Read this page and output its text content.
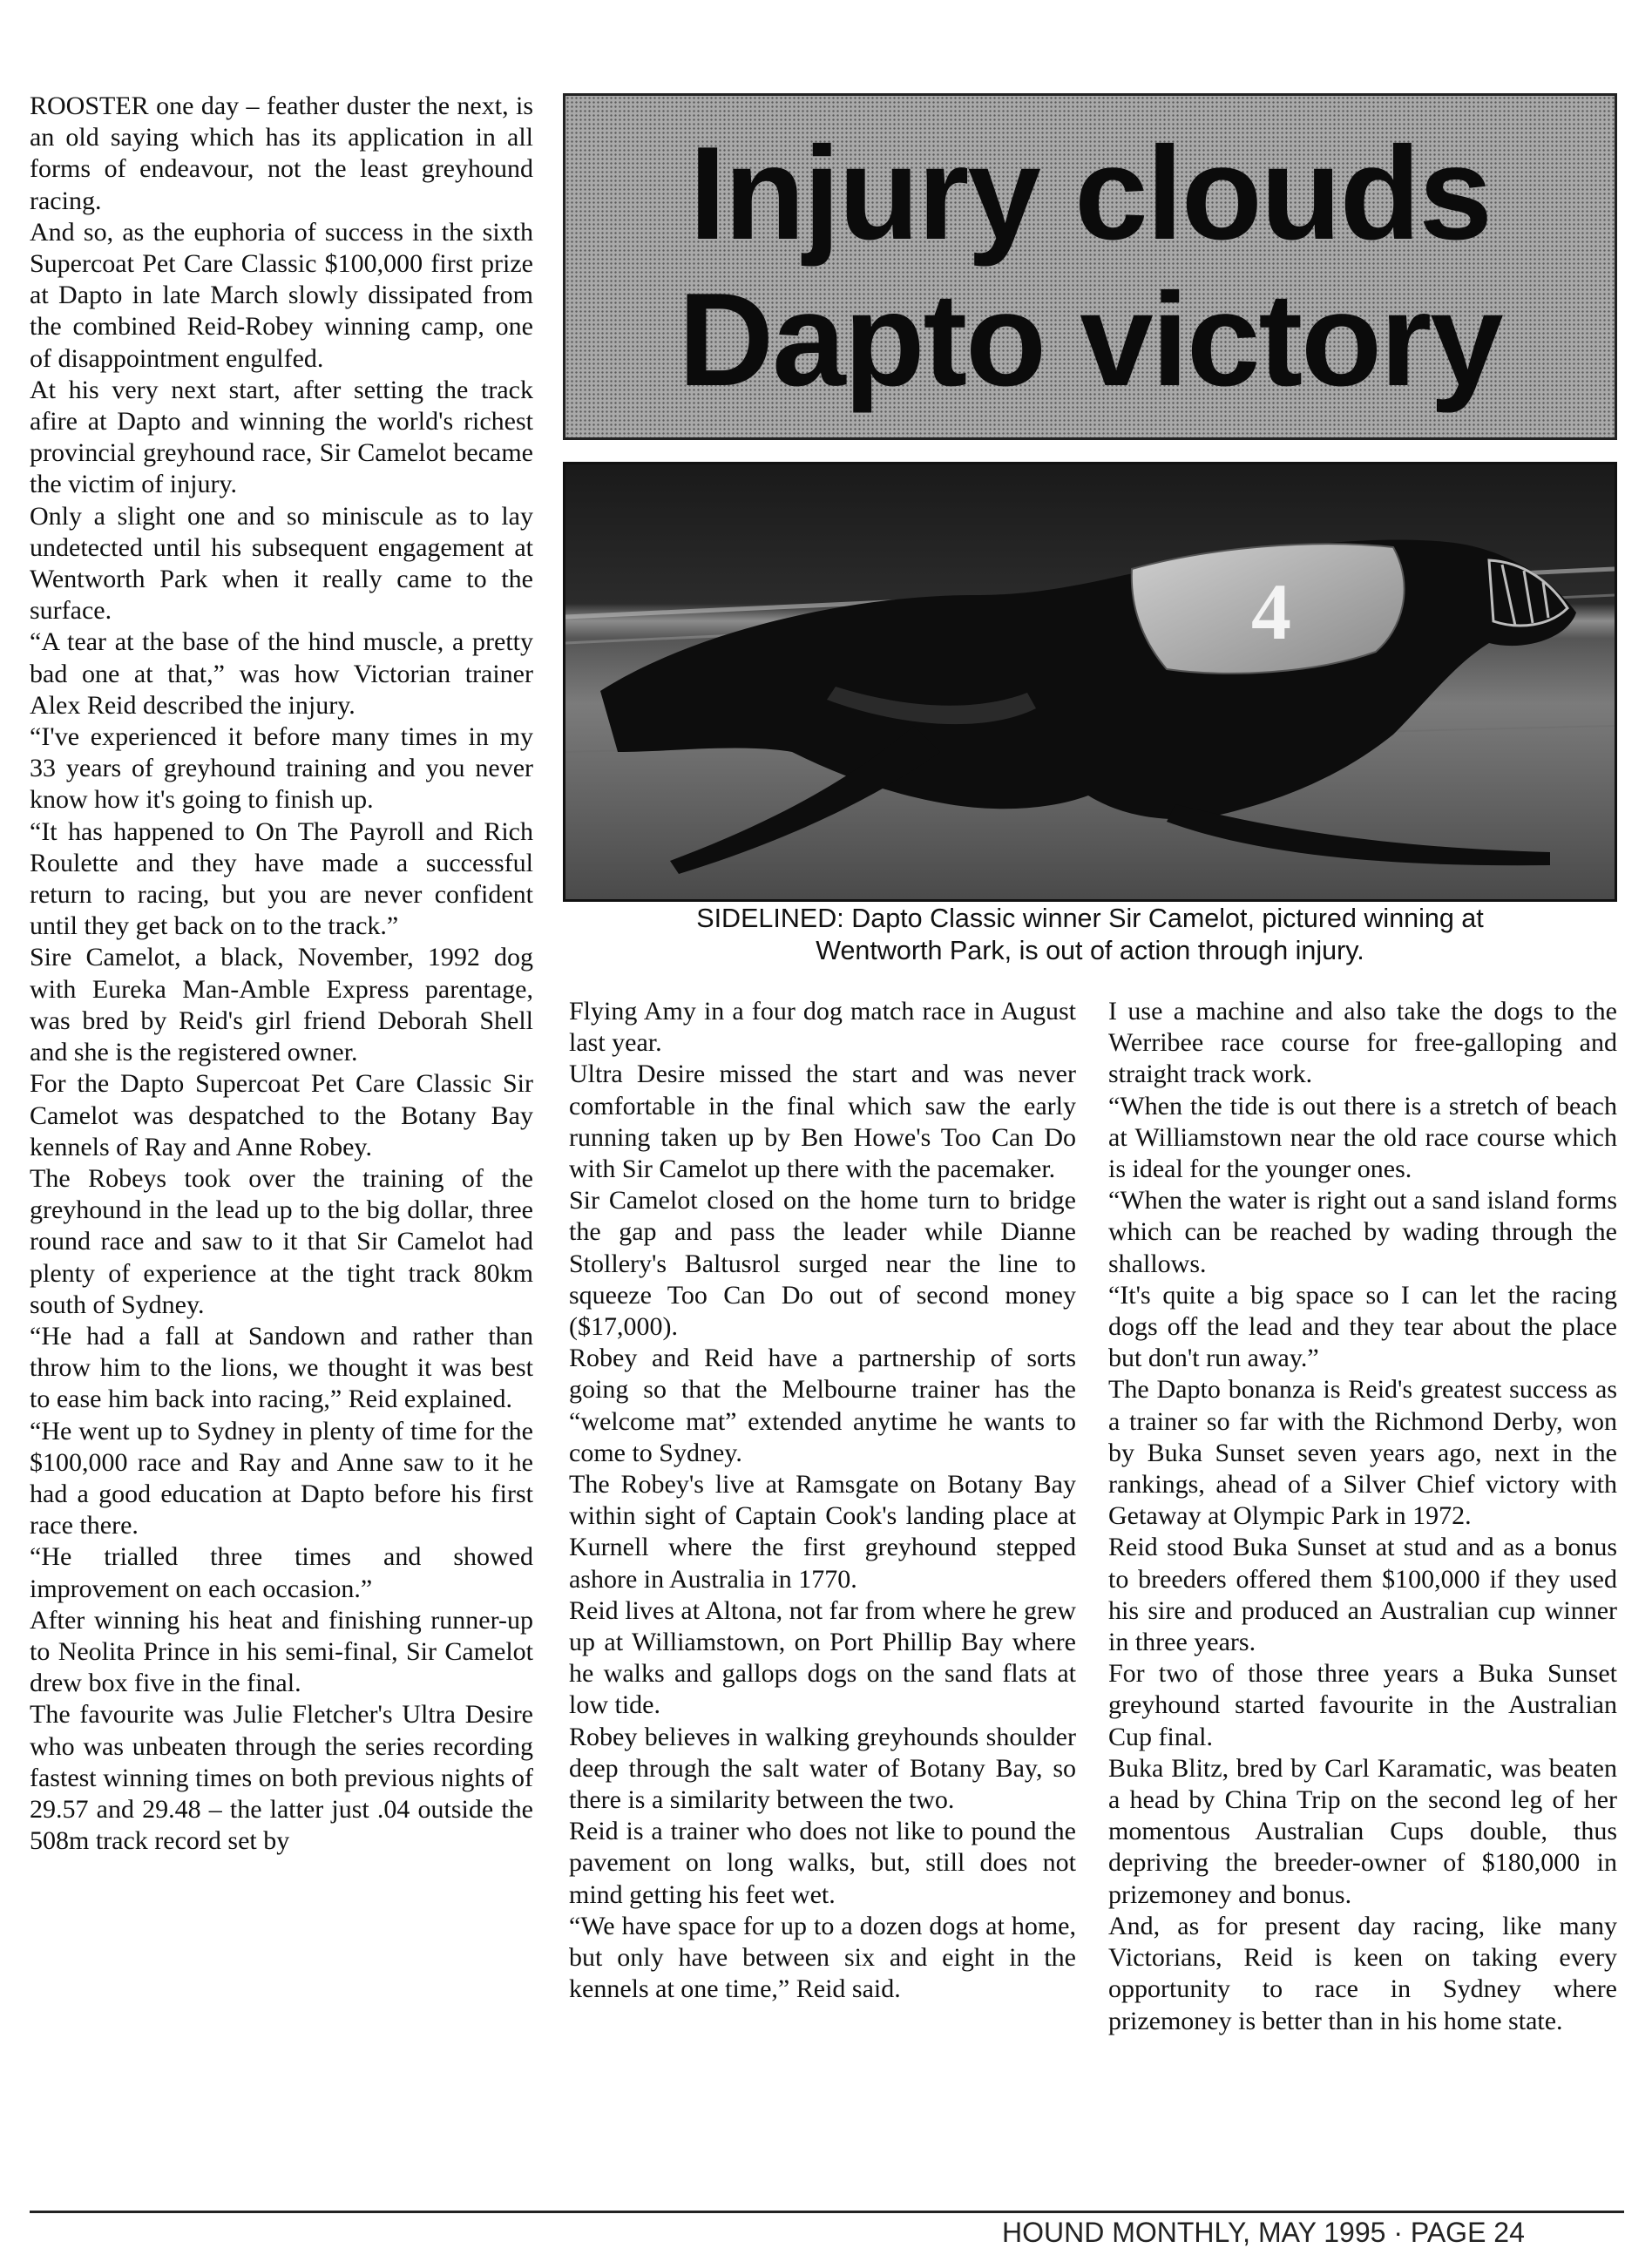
ROOSTER one day – feather duster the next, is an old saying which has its application in all forms of endeavour, not the least greyhound racing.

And so, as the euphoria of success in the sixth Supercoat Pet Care Classic $100,000 first prize at Dapto in late March slowly dissipated from the combined Reid-Robey winning camp, one of disappointment engulfed.

At his very next start, after setting the track afire at Dapto and winning the world's richest provincial greyhound race, Sir Camelot became the victim of injury.

Only a slight one and so miniscule as to lay undetected until his subsequent engagement at Wentworth Park when it really came to the surface.

“A tear at the base of the hind muscle, a pretty bad one at that,” was how Victorian trainer Alex Reid described the injury.

“I've experienced it before many times in my 33 years of greyhound training and you never know how it's going to finish up.

“It has happened to On The Payroll and Rich Roulette and they have made a successful return to racing, but you are never confident until they get back on to the track.”

Sire Camelot, a black, November, 1992 dog with Eureka Man-Amble Express parentage, was bred by Reid's girl friend Deborah Shell and she is the registered owner.

For the Dapto Supercoat Pet Care Classic Sir Camelot was despatched to the Botany Bay kennels of Ray and Anne Robey.

The Robeys took over the training of the greyhound in the lead up to the big dollar, three round race and saw to it that Sir Camelot had plenty of experience at the tight track 80km south of Sydney.

“He had a fall at Sandown and rather than throw him to the lions, we thought it was best to ease him back into racing,” Reid explained.

“He went up to Sydney in plenty of time for the $100,000 race and Ray and Anne saw to it he had a good education at Dapto before his first race there.

“He trialled three times and showed improvement on each occasion.”

After winning his heat and finishing runner-up to Neolita Prince in his semi-final, Sir Camelot drew box five in the final.

The favourite was Julie Fletcher's Ultra Desire who was unbeaten through the series recording fastest winning times on both previous nights of 29.57 and 29.48 – the latter just .04 outside the 508m track record set by

Injury clouds
Dapto victory
4
SIDELINED: Dapto Classic winner Sir Camelot, pictured winning at
Wentworth Park, is out of action through injury.

Flying Amy in a four dog match race in August last year.

Ultra Desire missed the start and was never comfortable in the final which saw the early running taken up by Ben Howe's Too Can Do with Sir Camelot up there with the pacemaker.

Sir Camelot closed on the home turn to bridge the gap and pass the leader while Dianne Stollery's Baltusrol surged near the line to squeeze Too Can Do out of second money ($17,000).

Robey and Reid have a partnership of sorts going so that the Melbourne trainer has the “welcome mat” extended anytime he wants to come to Sydney.

The Robey's live at Ramsgate on Botany Bay within sight of Captain Cook's landing place at Kurnell where the first greyhound stepped ashore in Australia in 1770.

Reid lives at Altona, not far from where he grew up at Williamstown, on Port Phillip Bay where he walks and gallops dogs on the sand flats at low tide.

Robey believes in walking greyhounds shoulder deep through the salt water of Botany Bay, so there is a similarity between the two.

Reid is a trainer who does not like to pound the pavement on long walks, but, still does not mind getting his feet wet.

“We have space for up to a dozen dogs at home, but only have between six and eight in the kennels at one time,” Reid said.

I use a machine and also take the dogs to the Werribee race course for free-galloping and straight track work.

“When the tide is out there is a stretch of beach at Williamstown near the old race course which is ideal for the younger ones.

“When the water is right out a sand island forms which can be reached by wading through the shallows.

“It's quite a big space so I can let the racing dogs off the lead and they tear about the place but don't run away.”

The Dapto bonanza is Reid's greatest success as a trainer so far with the Richmond Derby, won by Buka Sunset seven years ago, next in the rankings, ahead of a Silver Chief victory with Getaway at Olympic Park in 1972.

Reid stood Buka Sunset at stud and as a bonus to breeders offered them $100,000 if they used his sire and produced an Australian cup winner in three years.

For two of those three years a Buka Sunset greyhound started favourite in the Australian Cup final.

Buka Blitz, bred by Carl Karamatic, was beaten a head by China Trip on the second leg of her momentous Australian Cups double, thus depriving the breeder-owner of $180,000 in prizemoney and bonus.

And, as for present day racing, like many Victorians, Reid is keen on taking every opportunity to race in Sydney where prizemoney is better than in his home state.

HOUND MONTHLY, MAY 1995 · PAGE 24
